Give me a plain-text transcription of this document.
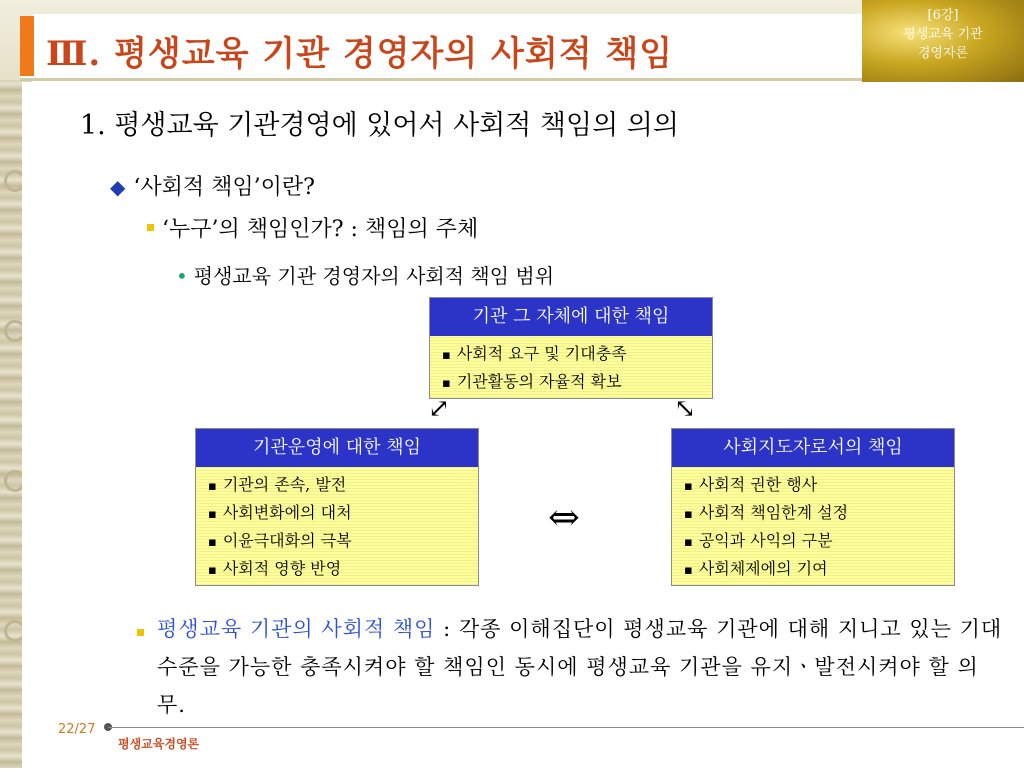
Ⅲ. 평생교육 기관 경영자의 사회적 책임
[6강]
평생교육 기관
경영자론
1. 평생교육 기관경영에 있어서 사회적 책임의 의의
◆ ‘사회적 책임’이란?
‘누구’의 책임인가? : 책임의 주체
• 평생교육 기관 경영자의 사회적 책임 범위
기관 그 자체에 대한 책임
▪ 사회적 요구 및 기대충족
▪ 기관활동의 자율적 확보
기관운영에 대한 책임
▪ 기관의 존속, 발전
▪ 사회변화에의 대처
▪ 이윤극대화의 극복
▪ 사회적 영향 반영
사회지도자로서의 책임
▪ 사회적 권한 행사
▪ 사회적 책임한계 설정
▪ 공익과 사익의 구분
▪ 사회체제에의 기여
⤢	⤡
⇔
평생교육 기관의 사회적 책임 : 각종 이해집단이 평생교육 기관에 대해 지니고 있는 기대수준을 가능한 충족시켜야 할 책임인 동시에 평생교육 기관을 유지ㆍ발전시켜야 할 의무.
22/27
평생교육경영론
